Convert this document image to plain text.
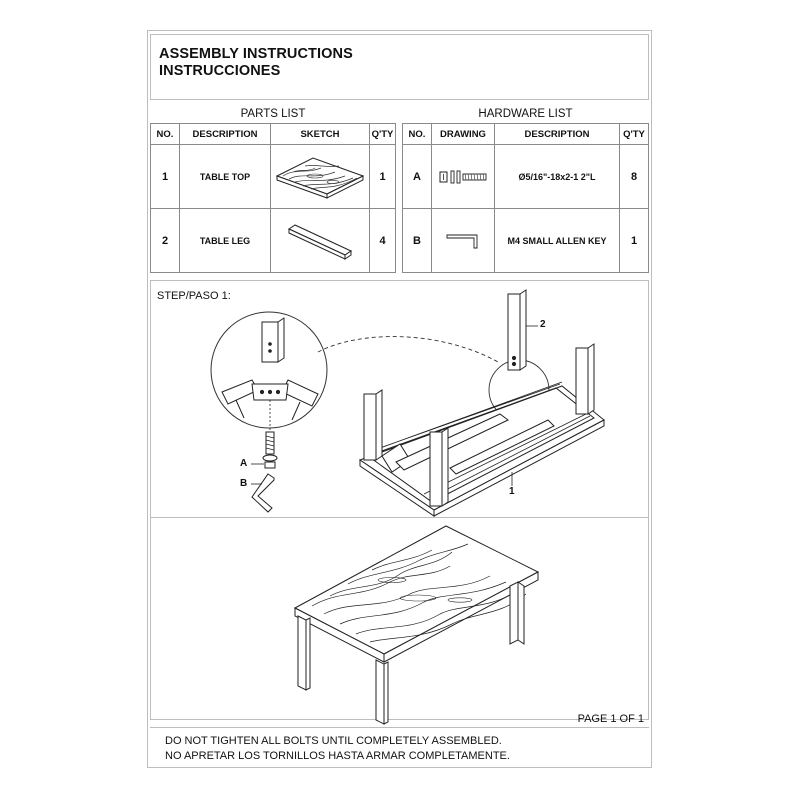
ASSEMBLY INSTRUCTIONS
INSTRUCCIONES
PARTS LIST
NO.	DESCRIPTION	SKETCH	Q'TY
1	TABLE TOP		1
2	TABLE LEG		4
HARDWARE LIST
NO.	DRAWING	DESCRIPTION	Q'TY
A		Ø5/16"-18x2-1 2"L	8
B		M4 SMALL ALLEN KEY	1
STEP/PASO 1:
A
B
2
1
PAGE 1 OF 1
DO NOT TIGHTEN ALL BOLTS UNTIL COMPLETELY ASSEMBLED.
NO APRETAR LOS TORNILLOS HASTA ARMAR COMPLETAMENTE.
